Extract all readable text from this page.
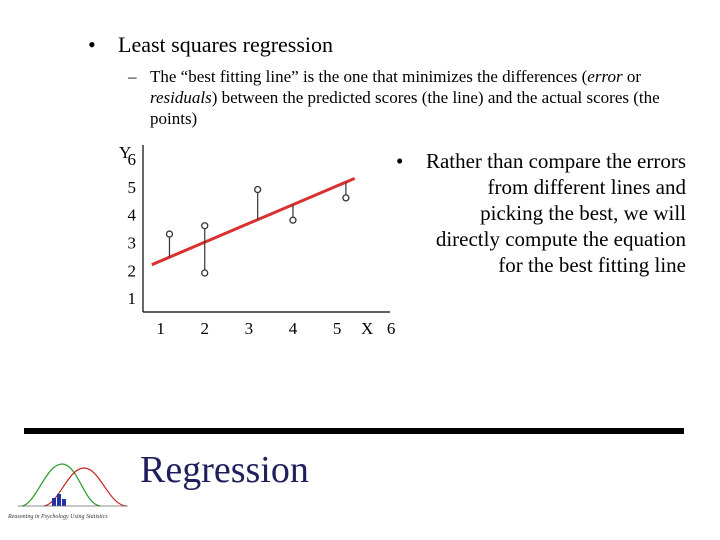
• Least squares regression
– The “best fitting line” is the one that minimizes the differences (error or residuals) between the predicted scores (the line) and the actual scores (the points)
•	Rather than compare the errors from different lines and picking the best, we will directly compute the equation for the best fitting line
Y
X
1
2
3
4
5
6
1 2 3 4 5	6
Regression
Reasoning in Psychology Using Statistics
